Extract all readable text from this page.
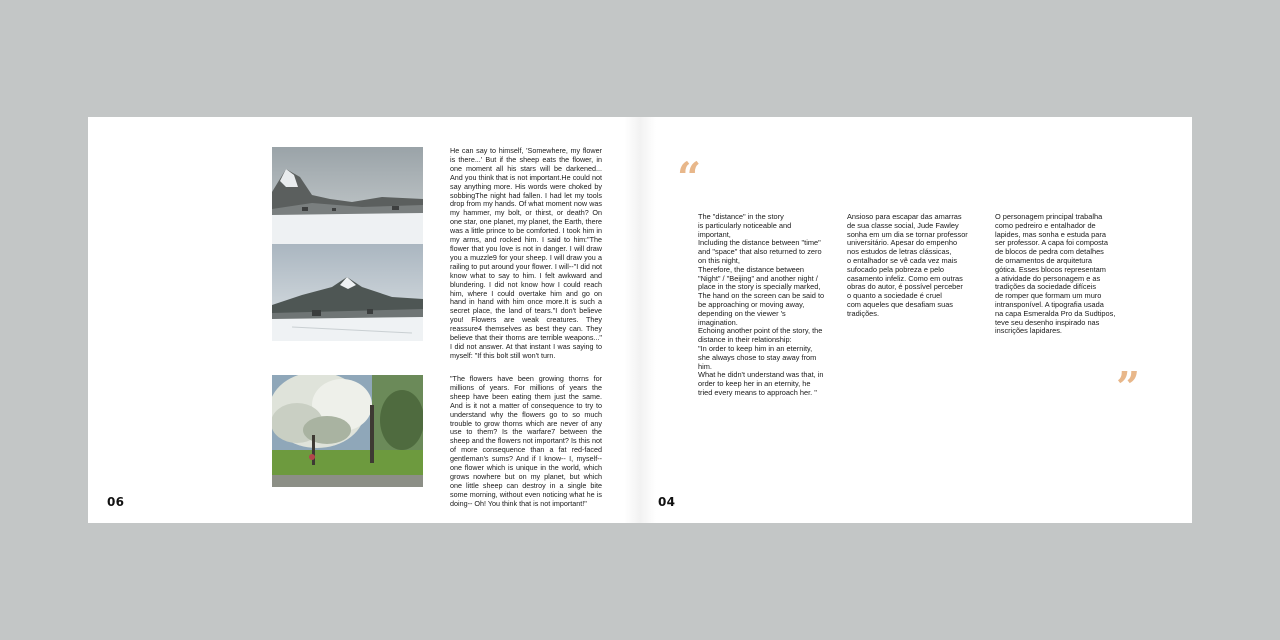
He can say to himself, 'Somewhere, my flower is there...' But if the sheep eats the flower, in one moment all his stars will be darkened... And you think that is not important.He could not say anything more. His words were choked by sobbingThe night had fallen. I had let my tools drop from my hands. Of what moment now was my hammer, my bolt, or thirst, or death? On one star, one planet, my planet, the Earth, there was a little prince to be comforted. I took him in my arms, and rocked him. I said to him:"The flower that you love is not in danger. I will draw you a muzzle9 for your sheep. I will draw you a railing to put around your flower. I will--"I did not know what to say to him. I felt awkward and blundering. I did not know how I could reach him, where I could overtake him and go on hand in hand with him once more.It is such a secret place, the land of tears."I don't believe you! Flowers are weak creatures. They reassure4 themselves as best they can. They believe that their thorns are terrible weapons..." I did not answer. At that instant I was saying to myself: "If this bolt still won't turn.

"The flowers have been growing thorns for millions of years. For millions of years the sheep have been eating them just the same. And is it not a matter of consequence to try to understand why the flowers go to so much trouble to grow thorns which are never of any use to them? Is the warfare7 between the sheep and the flowers not important? Is this not of more consequence than a fat red-faced gentleman's sums? And if I know-- I, myself-- one flower which is unique in the world, which grows nowhere but on my planet, but which one little sheep can destroy in a single bite some morning, without even noticing what he is doing-- Oh! You think that is not important!"

06
“

The "distance" in the story
is particularly noticeable and important,
Including the distance between "time" and "space" that also returned to zero on this night,
Therefore, the distance between "Night" / "Beijing" and another night / place in the story is specially marked,
The hand on the screen can be said to be approaching or moving away, depending on the viewer 's imagination.
Echoing another point of the story, the distance in their relationship:
"In order to keep him in an eternity, she always chose to stay away from him.
What he didn't understand was that, in order to keep her in an eternity, he tried every means to approach her. "

Ansioso para escapar das amarras
de sua classe social, Jude Fawley
sonha em um dia se tornar professor
universitário. Apesar do empenho
nos estudos de letras clássicas,
o entalhador se vê cada vez mais
sufocado pela pobreza e pelo
casamento infeliz. Como em outras
obras do autor, é possível perceber
o quanto a sociedade é cruel
com aqueles que desafiam suas
tradições.

O personagem principal trabalha
como pedreiro e entalhador de
lapides, mas sonha e estuda para
ser professor. A capa foi composta
de blocos de pedra com detalhes
de ornamentos de arquitetura
gótica. Esses blocos representam
a atividade do personagem e as
tradições da sociedade difíceis
de romper que formam um muro
intransponível. A tipografia usada
na capa Esmeralda Pro da Sudtipos,
teve seu desenho inspirado nas
inscrições lapidares.

”
04
